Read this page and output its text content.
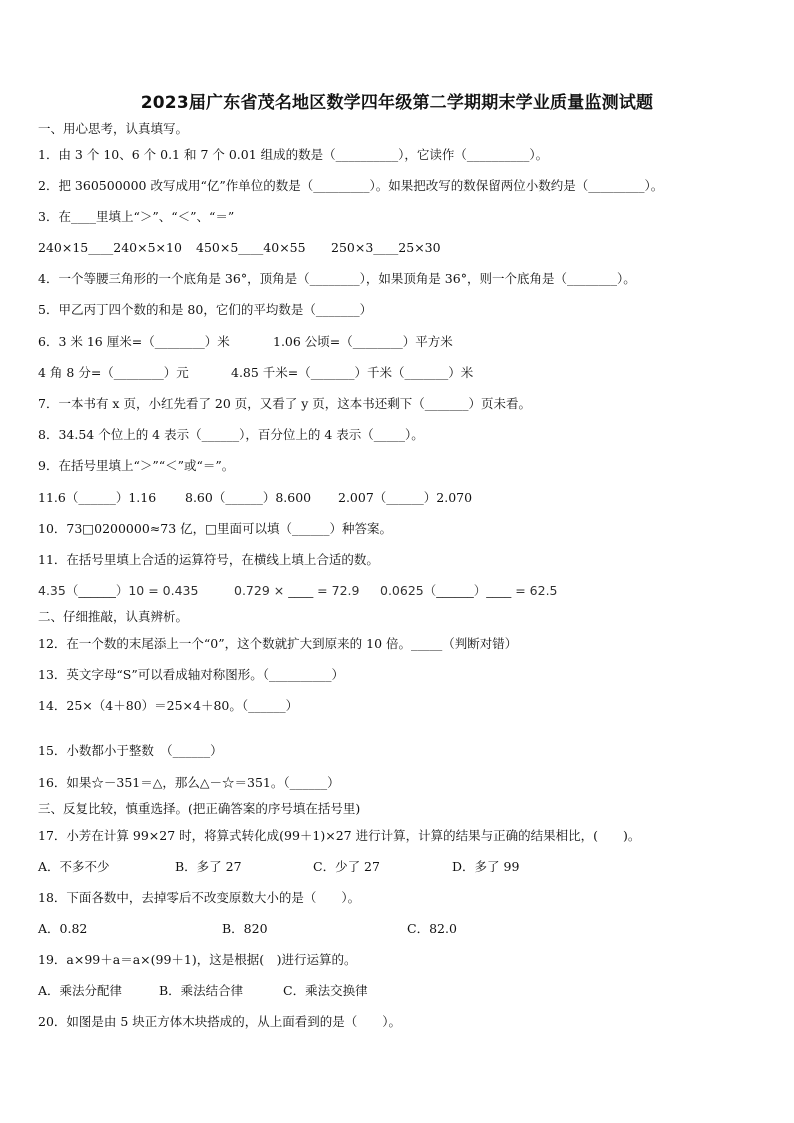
2023届广东省茂名地区数学四年级第二学期期末学业质量监测试题
一、用心思考，认真填写。
1．由 3 个 10、6 个 0.1 和 7 个 0.01 组成的数是（__________），它读作（__________）。
2．把 360500000 改写成用“亿”作单位的数是（_________）。如果把改写的数保留两位小数约是（_________）。
3．在____里填上“＞”、“＜”、“＝”
240×15____240×5×10 450×5____40×55 250×3____25×30
4．一个等腰三角形的一个底角是 36°，顶角是（________），如果顶角是 36°，则一个底角是（________）。
5．甲乙丙丁四个数的和是 80，它们的平均数是（_______）
6．3 米 16 厘米=（________）米	1.06 公顷=（________）平方米
4 角 8 分=（________）元	4.85 千米=（_______）千米（_______）米
7．一本书有 x 页，小红先看了 20 页，又看了 y 页，这本书还剩下（_______）页未看。
8．34.54 个位上的 4 表示（______），百分位上的 4 表示（_____）。
9．在括号里填上“＞”“＜”或“＝”。
11.6（______）1.16 8.60（______）8.600 2.007（______）2.070
10．73□0200000≈73 亿，□里面可以填（______）种答案。
11．在括号里填上合适的运算符号，在横线上填上合适的数。
4.35（______）10 = 0.435	0.729 × ____ = 72.9 0.0625（______）____ = 62.5
二、仔细推敲，认真辨析。
12．在一个数的末尾添上一个“0”，这个数就扩大到原来的 10 倍。_____（判断对错）
13．英文字母“S”可以看成轴对称图形。（__________）
14．25×（4＋80）＝25×4＋80。（______）
15．小数都小于整数　（______）
16．如果☆－351＝△，那么△－☆＝351。（______）
三、反复比较，慎重选择。(把正确答案的序号填在括号里)
17．小芳在计算 99×27 时，将算式转化成(99＋1)×27 进行计算，计算的结果与正确的结果相比，(　　)。
A．不多不少	B．多了 27	C．少了 27	D．多了 99
18．下面各数中，去掉零后不改变原数大小的是（　　）。
A．0.82	B．820	C．82.0
19．a×99＋a＝a×(99＋1)，这是根据(　)进行运算的。
A．乘法分配律	B．乘法结合律	C．乘法交换律
20．如图是由 5 块正方体木块搭成的，从上面看到的是（　　）。
